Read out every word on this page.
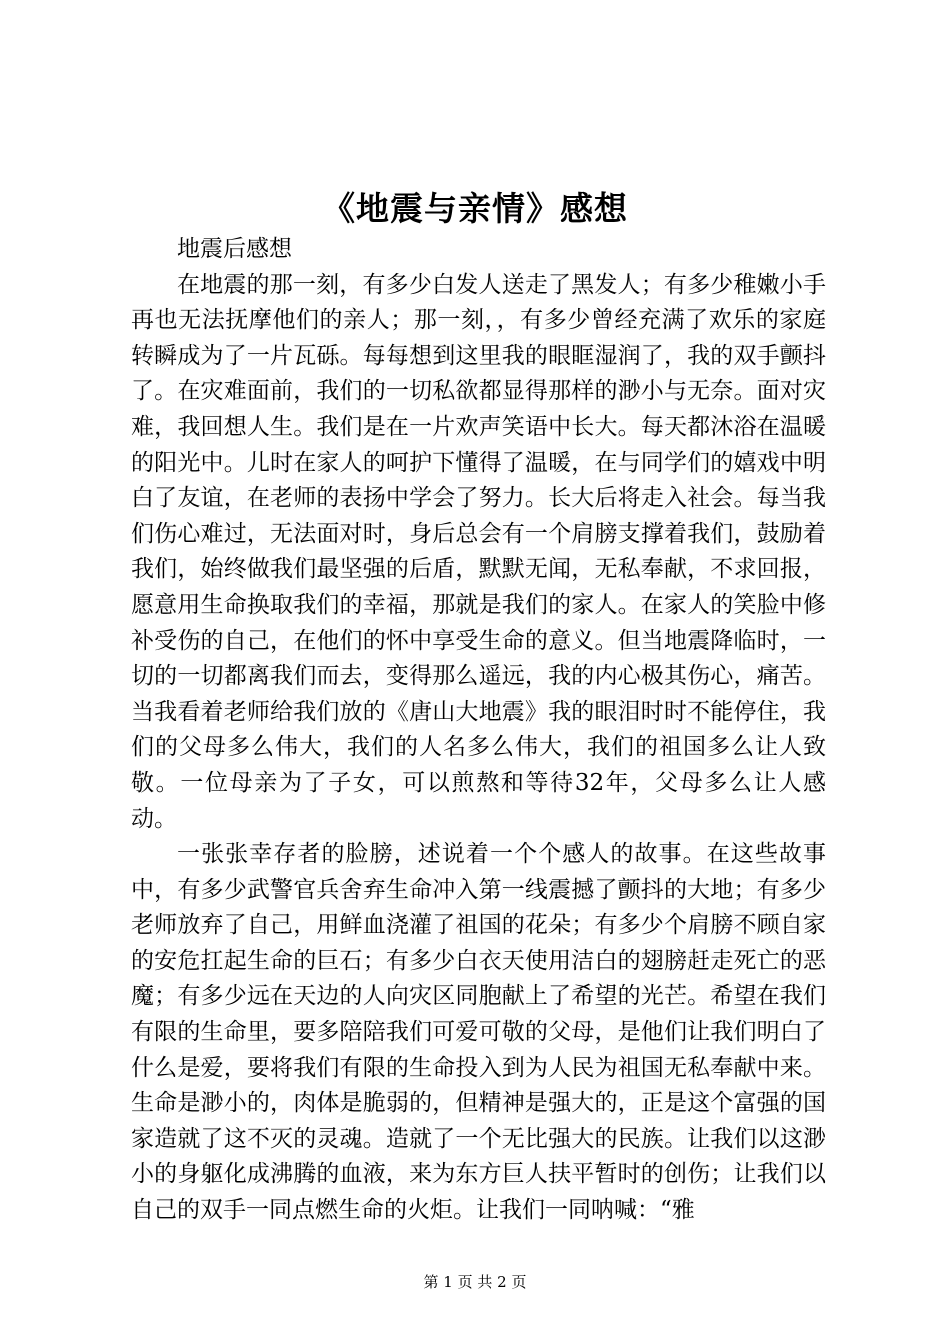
《地震与亲情》感想

地震后感想

在地震的那一刻，有多少白发人送走了黑发人；有多少稚嫩小手再也无法抚摩他们的亲人；那一刻，，有多少曾经充满了欢乐的家庭转瞬成为了一片瓦砾。每每想到这里我的眼眶湿润了，我的双手颤抖了。在灾难面前，我们的一切私欲都显得那样的渺小与无奈。面对灾难，我回想人生。我们是在一片欢声笑语中长大。每天都沐浴在温暖的阳光中。儿时在家人的呵护下懂得了温暖，在与同学们的嬉戏中明白了友谊，在老师的表扬中学会了努力。长大后将走入社会。每当我们伤心难过，无法面对时，身后总会有一个肩膀支撑着我们，鼓励着我们，始终做我们最坚强的后盾，默默无闻，无私奉献，不求回报，愿意用生命换取我们的幸福，那就是我们的家人。在家人的笑脸中修补受伤的自己，在他们的怀中享受生命的意义。但当地震降临时，一切的一切都离我们而去，变得那么遥远，我的内心极其伤心，痛苦。当我看着老师给我们放的《唐山大地震》我的眼泪时时不能停住，我们的父母多么伟大，我们的人名多么伟大，我们的祖国多么让人致敬。一位母亲为了子女，可以煎熬和等待32年，父母多么让人感动。

一张张幸存者的脸膀，述说着一个个感人的故事。在这些故事中，有多少武警官兵舍弃生命冲入第一线震撼了颤抖的大地；有多少老师放弃了自己，用鲜血浇灌了祖国的花朵；有多少个肩膀不顾自家的安危扛起生命的巨石；有多少白衣天使用洁白的翅膀赶走死亡的恶魔；有多少远在天边的人向灾区同胞献上了希望的光芒。希望在我们有限的生命里，要多陪陪我们可爱可敬的父母，是他们让我们明白了什么是爱，要将我们有限的生命投入到为人民为祖国无私奉献中来。生命是渺小的，肉体是脆弱的，但精神是强大的，正是这个富强的国家造就了这不灭的灵魂。造就了一个无比强大的民族。让我们以这渺小的身躯化成沸腾的血液，来为东方巨人扶平暂时的创伤；让我们以自己的双手一同点燃生命的火炬。让我们一同呐喊：“雅

第 1 页 共 2 页
